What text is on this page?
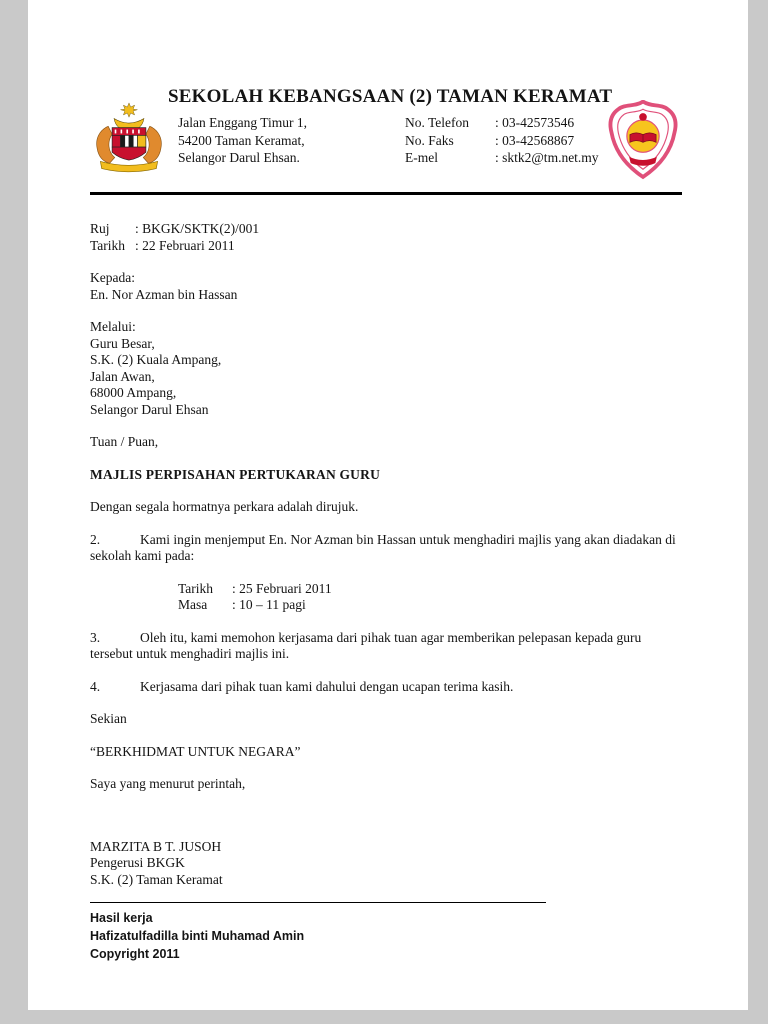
SEKOLAH KEBANGSAAN (2) TAMAN KERAMAT
Jalan Enggang Timur 1,
54200 Taman Keramat,
Selangor Darul Ehsan.
No. Telefon : 03-42573546
No. Faks	: 03-42568867
E-mel	: sktk2@tm.net.my
Ruj : BKGK/SKTK(2)/001
Tarikh : 22 Februari 2011
Kepada:
En. Nor Azman bin Hassan
Melalui:
Guru Besar,
S.K. (2) Kuala Ampang,
Jalan Awan,
68000 Ampang,
Selangor Darul Ehsan

Tuan / Puan,

MAJLIS PERPISAHAN PERTUKARAN GURU

Dengan segala hormatnya perkara adalah dirujuk.

2.	Kami ingin menjemput En. Nor Azman bin Hassan untuk menghadiri majlis yang akan diadakan di sekolah kami pada:

Tarikh : 25 Februari 2011
Masa : 10 – 11 pagi

3.	Oleh itu, kami memohon kerjasama dari pihak tuan agar memberikan pelepasan kepada guru tersebut untuk menghadiri majlis ini.

4.	Kerjasama dari pihak tuan kami dahului dengan ucapan terima kasih.

Sekian

“BERKHIDMAT UNTUK NEGARA”

Saya yang menurut perintah,

MARZITA B T. JUSOH
Pengerusi BKGK
S.K. (2) Taman Keramat
Hasil kerja
Hafizatulfadilla binti Muhamad Amin
Copyright 2011
